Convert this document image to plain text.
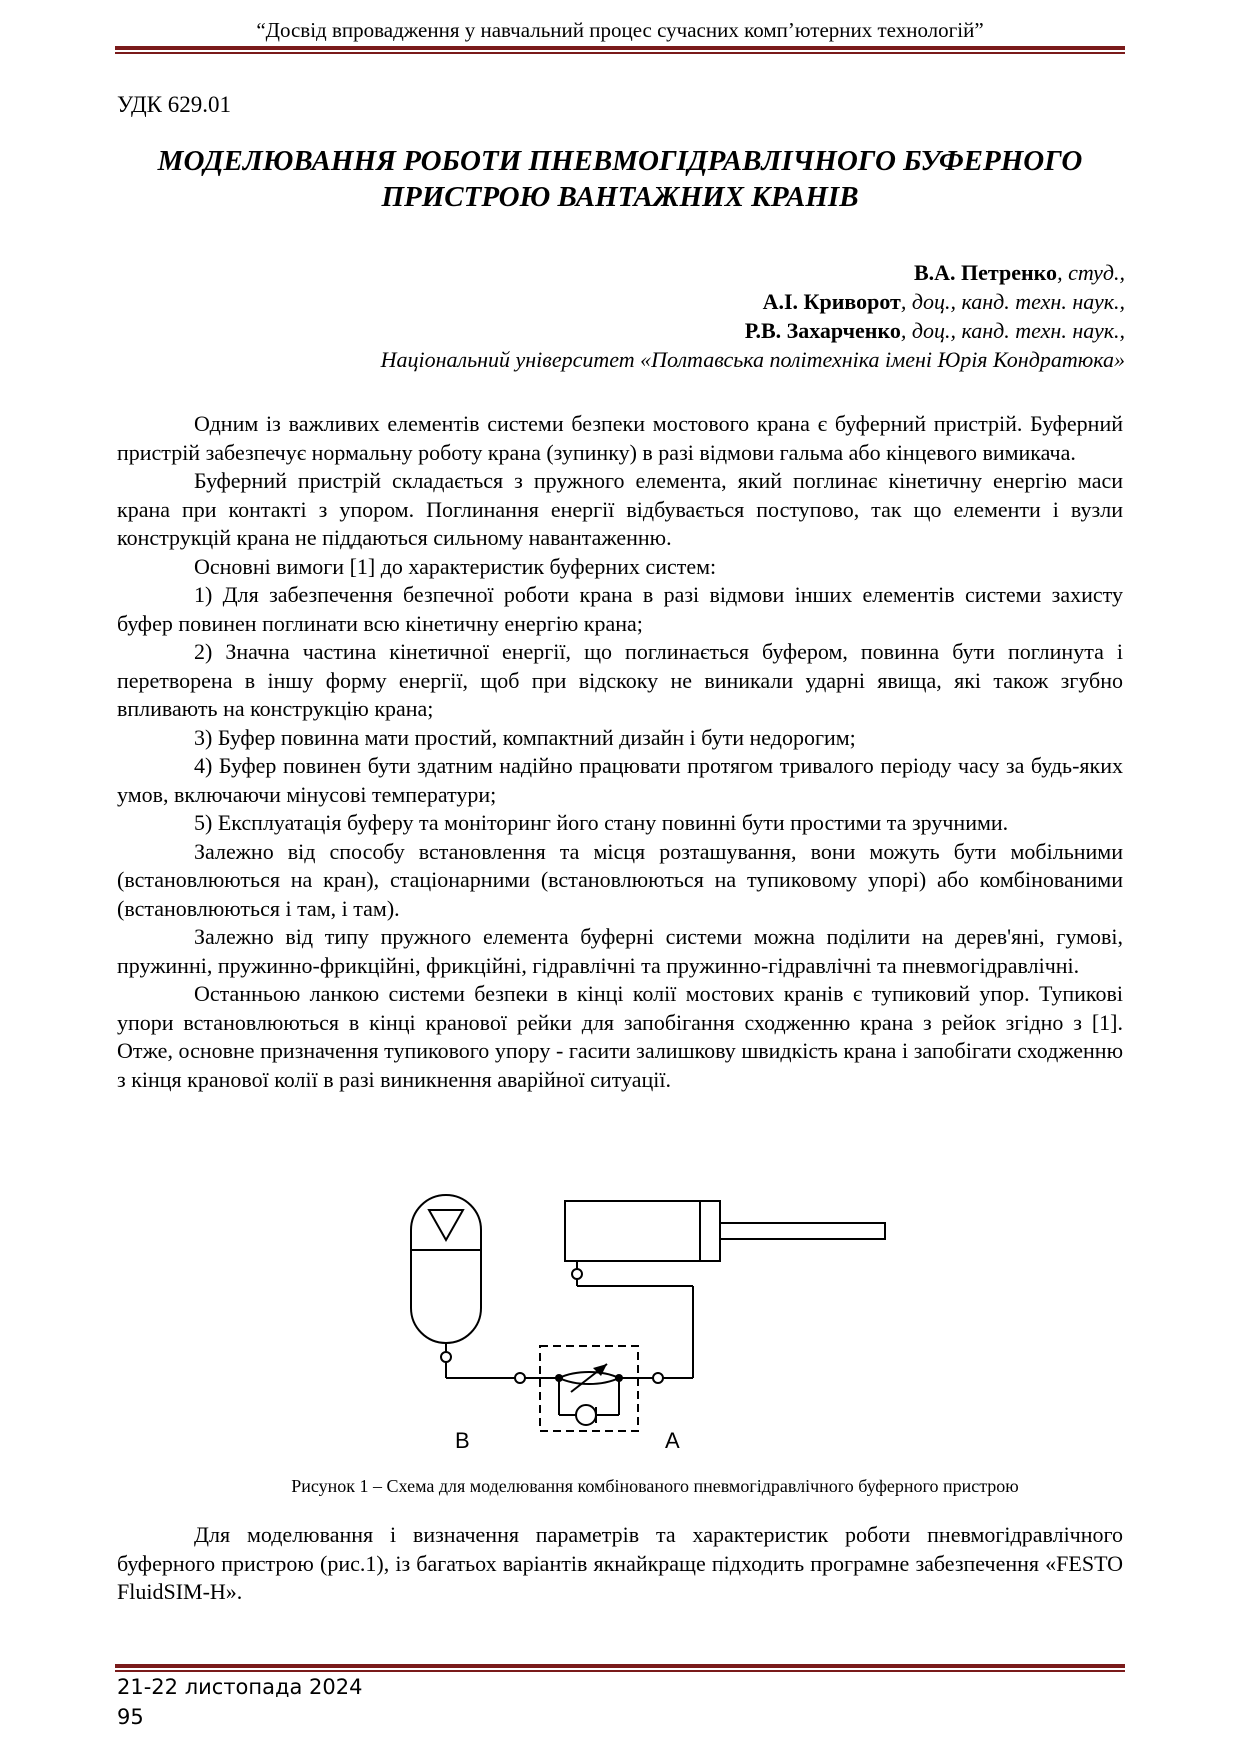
“Досвід впровадження у навчальний процес сучасних комп’ютерних технологій”
УДК 629.01
МОДЕЛЮВАННЯ РОБОТИ ПНЕВМОГІДРАВЛІЧНОГО БУФЕРНОГО
ПРИСТРОЮ ВАНТАЖНИХ КРАНІВ
В.А. Петренко, студ.,
А.І. Криворот, доц., канд. техн. наук.,
Р.В. Захарченко, доц., канд. техн. наук.,
Національний університет «Полтавська політехніка імені Юрія Кондратюка»

Одним із важливих елементів системи безпеки мостового крана є буферний пристрій. Буферний пристрій забезпечує нормальну роботу крана (зупинку) в разі відмови гальма або кінцевого вимикача.

Буферний пристрій складається з пружного елемента, який поглинає кінетичну енергію маси крана при контакті з упором. Поглинання енергії відбувається поступово, так що елементи і вузли конструкцій крана не піддаються сильному навантаженню.

Основні вимоги [1] до характеристик буферних систем:

1) Для забезпечення безпечної роботи крана в разі відмови інших елементів системи захисту буфер повинен поглинати всю кінетичну енергію крана;

2) Значна частина кінетичної енергії, що поглинається буфером, повинна бути поглинута і перетворена в іншу форму енергії, щоб при відскоку не виникали ударні явища, які також згубно впливають на конструкцію крана;

3) Буфер повинна мати простий, компактний дизайн і бути недорогим;

4) Буфер повинен бути здатним надійно працювати протягом тривалого періоду часу за будь-яких умов, включаючи мінусові температури;

5) Експлуатація буферу та моніторинг його стану повинні бути простими та зручними.

Залежно від способу встановлення та місця розташування, вони можуть бути мобільними (встановлюються на кран), стаціонарними (встановлюються на тупиковому упорі) або комбінованими (встановлюються і там, і там).

Залежно від типу пружного елемента буферні системи можна поділити на дерев'яні, гумові, пружинні, пружинно-фрикційні, фрикційні, гідравлічні та пружинно-гідравлічні та пневмогідравлічні.

Останньою ланкою системи безпеки в кінці колії мостових кранів є тупиковий упор. Тупикові упори встановлюються в кінці кранової рейки для запобігання сходженню крана з рейок згідно з [1]. Отже, основне призначення тупикового упору - гасити залишкову швидкість крана і запобігати сходженню з кінця кранової колії в разі виникнення аварійної ситуації.

B	A
Рисунок 1 – Схема для моделювання комбінованого пневмогідравлічного буферного пристрою

Для моделювання і визначення параметрів та характеристик роботи пневмогідравлічного буферного пристрою (рис.1), із багатьох варіантів якнайкраще підходить програмне забезпечення «FESTO FluidSIM-H».

21-22 листопада 2024
95
